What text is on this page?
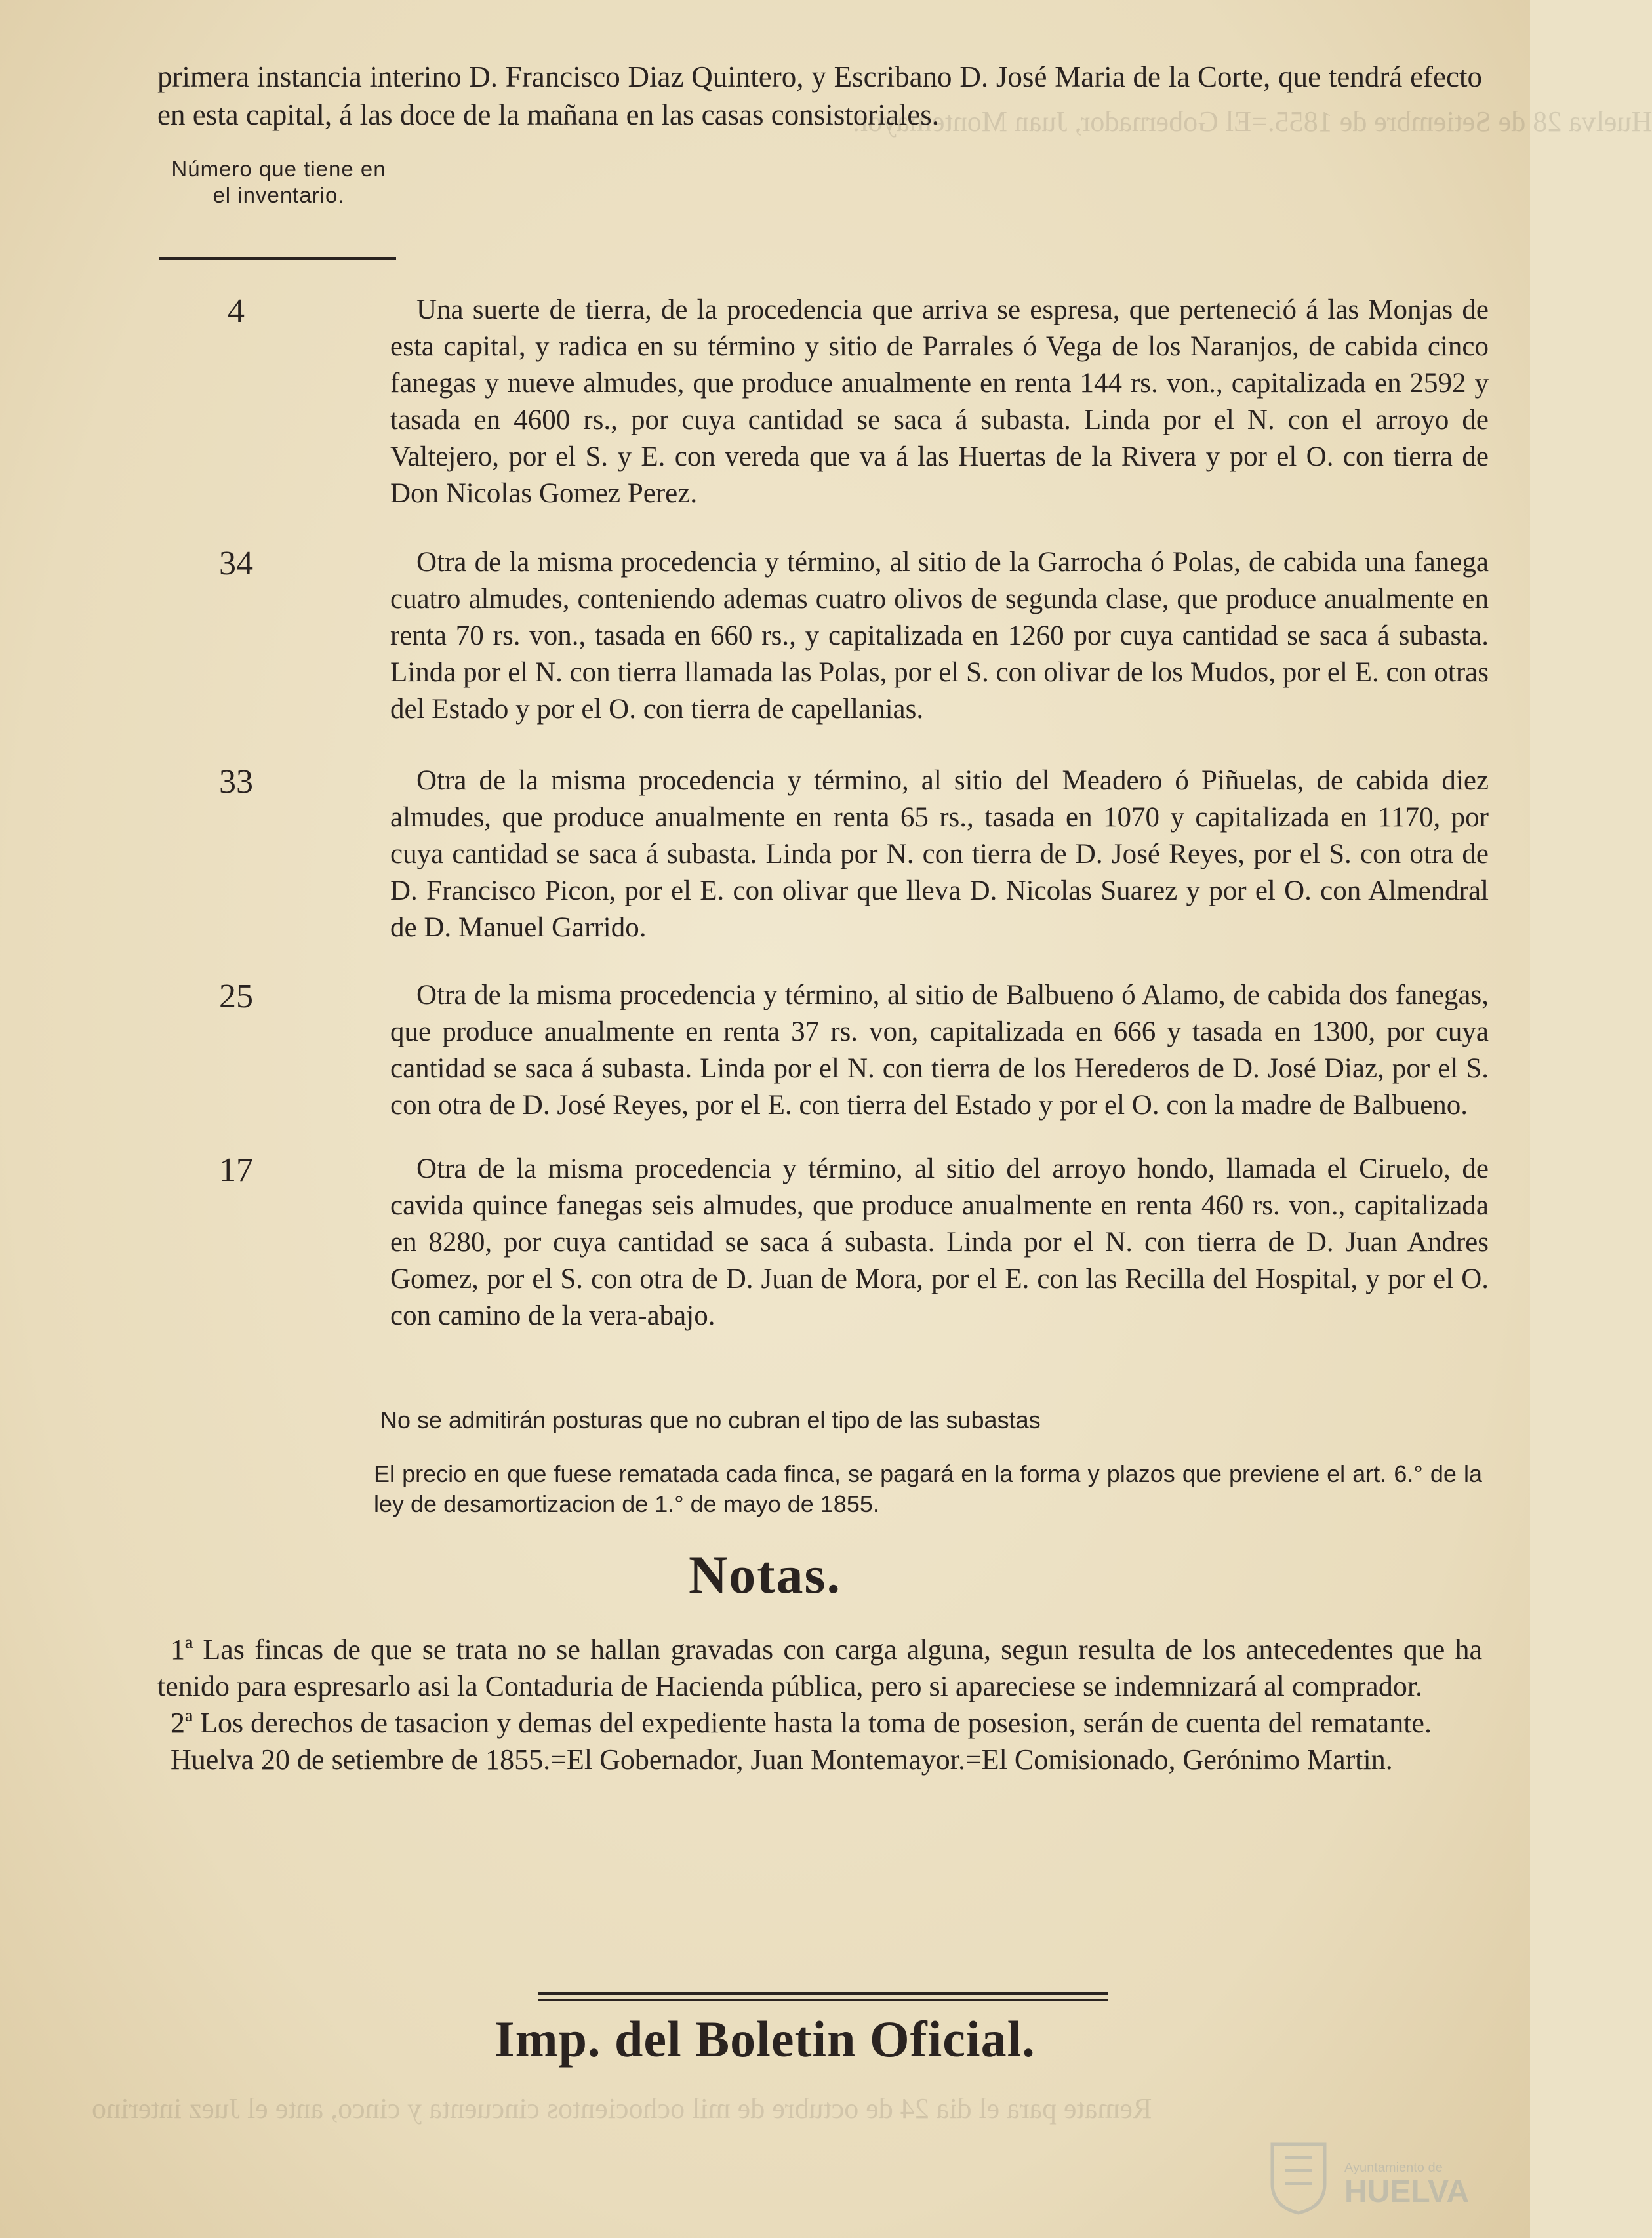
Huelva 28 de Setiembre de 1855.=El Gobernador, Juan Montemayor.
Remate para el dia 24 de octubre de mil ochocientos cincuenta y cinco, ante el Juez interino
primera instancia interino D. Francisco Diaz Quintero, y Escribano D. José Maria de la Corte, que tendrá efecto en esta capital, á las doce de la mañana en las casas consistoriales.
Número que tiene en el inventario.
4	Una suerte de tierra, de la procedencia que arriva se espresa, que perteneció á las Monjas de esta capital, y radica en su término y sitio de Parrales ó Vega de los Naranjos, de cabida cinco fanegas y nueve almudes, que produce anualmente en renta 144 rs. von., capitalizada en 2592 y tasada en 4600 rs., por cuya cantidad se saca á subasta. Linda por el N. con el arroyo de Valtejero, por el S. y E. con vereda que va á las Huertas de la Rivera y por el O. con tierra de Don Nicolas Gomez Perez.
34	Otra de la misma procedencia y término, al sitio de la Garrocha ó Polas, de cabida una fanega cuatro almudes, conteniendo ademas cuatro olivos de segunda clase, que produce anualmente en renta 70 rs. von., tasada en 660 rs., y capitalizada en 1260 por cuya cantidad se saca á subasta. Linda por el N. con tierra llamada las Polas, por el S. con olivar de los Mudos, por el E. con otras del Estado y por el O. con tierra de capellanias.
33	Otra de la misma procedencia y término, al sitio del Meadero ó Piñuelas, de cabida diez almudes, que produce anualmente en renta 65 rs., tasada en 1070 y capitalizada en 1170, por cuya cantidad se saca á subasta. Linda por N. con tierra de D. José Reyes, por el S. con otra de D. Francisco Picon, por el E. con olivar que lleva D. Nicolas Suarez y por el O. con Almendral de D. Manuel Garrido.
25	Otra de la misma procedencia y término, al sitio de Balbueno ó Alamo, de cabida dos fanegas, que produce anualmente en renta 37 rs. von, capitalizada en 666 y tasada en 1300, por cuya cantidad se saca á subasta. Linda por el N. con tierra de los Herederos de D. José Diaz, por el S. con otra de D. José Reyes, por el E. con tierra del Estado y por el O. con la madre de Balbueno.
17	Otra de la misma procedencia y término, al sitio del arroyo hondo, llamada el Ciruelo, de cavida quince fanegas seis almudes, que produce anualmente en renta 460 rs. von., capitalizada en 8280, por cuya cantidad se saca á subasta. Linda por el N. con tierra de D. Juan Andres Gomez, por el S. con otra de D. Juan de Mora, por el E. con las Recilla del Hospital, y por el O. con camino de la vera-abajo.
No se admitirán posturas que no cubran el tipo de las subastas
El precio en que fuese rematada cada finca, se pagará en la forma y plazos que previene el art. 6.° de la ley de desamortizacion de 1.° de mayo de 1855.
Notas.

1ª Las fincas de que se trata no se hallan gravadas con carga alguna, segun resulta de los antecedentes que ha tenido para espresarlo asi la Contaduria de Hacienda pública, pero si apareciese se indemnizará al comprador.

2ª Los derechos de tasacion y demas del expediente hasta la toma de posesion, serán de cuenta del rematante.

Huelva 20 de setiembre de 1855.=El Gobernador, Juan Montemayor.=El Comisionado, Gerónimo Martin.

Imp. del Boletin Oficial.
Ayuntamiento de
HUELVA
